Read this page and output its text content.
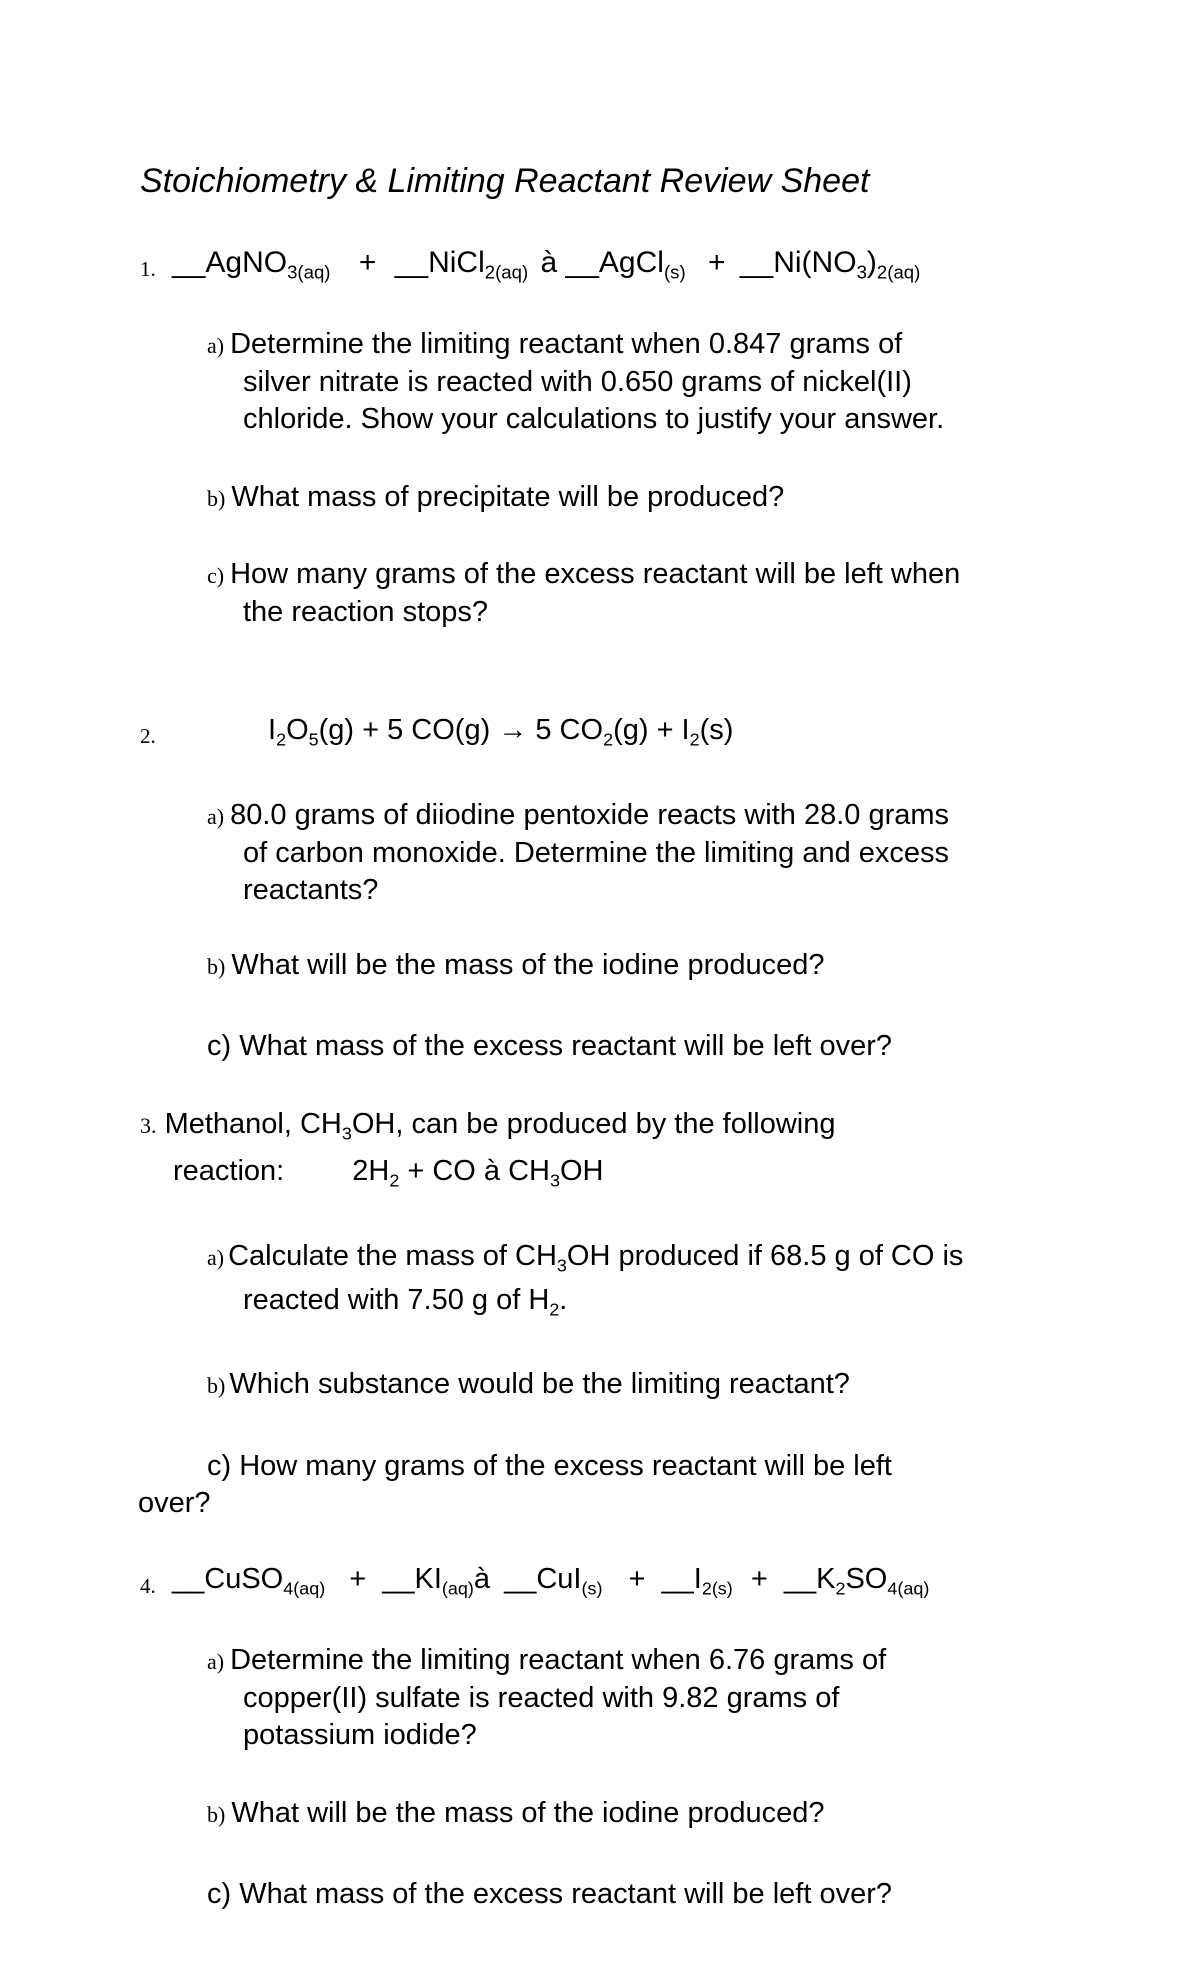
Stoichiometry & Limiting Reactant Review Sheet
1. __AgNO$_{3(aq)}$ + __NiCl$_{2(aq)}$ à __AgCl$_{(s)}$ + $\_\_Ni(NO_3)_{2(aq)}$
a) Determine the limiting reactant when 0.847 grams of
silver nitrate is reacted with 0.650 grams of nickel(II)
chloride. Show your calculations to justify your answer.
b) What mass of precipitate will be produced?
c) How many grams of the excess reactant will be left when
the reaction stops?
2.	$I_2O_5(g) + 5$ CO(g) → 5 $CO_2(g) + I_2(s)$
a) 80.0 grams of diiodine pentoxide reacts with 28.0 grams
of carbon monoxide. Determine the limiting and excess
reactants?
b) What will be the mass of the iodine produced?
c) What mass of the excess reactant will be left over?
3. Methanol, $CH_3OH$, can be produced by the following
reaction: $2H_2$ + CO à $CH_3OH$
a) Calculate the mass of $CH_3OH$ produced if 68.5 g of CO is
reacted with 7.50 g of $H_2$.
b) Which substance would be the limiting reactant?
c) How many grams of the excess reactant will be left
over?
4. __CuSO$_{4(aq)}$ + $\_\_KI_{(aq)}à$ __CuI$_{(s)}$ + $\_\_I_{2(s)}$ + $\_\_K_2SO_{4(aq)}$
a) Determine the limiting reactant when 6.76 grams of
copper(II) sulfate is reacted with 9.82 grams of
potassium iodide?
b) What will be the mass of the iodine produced?
c) What mass of the excess reactant will be left over?
